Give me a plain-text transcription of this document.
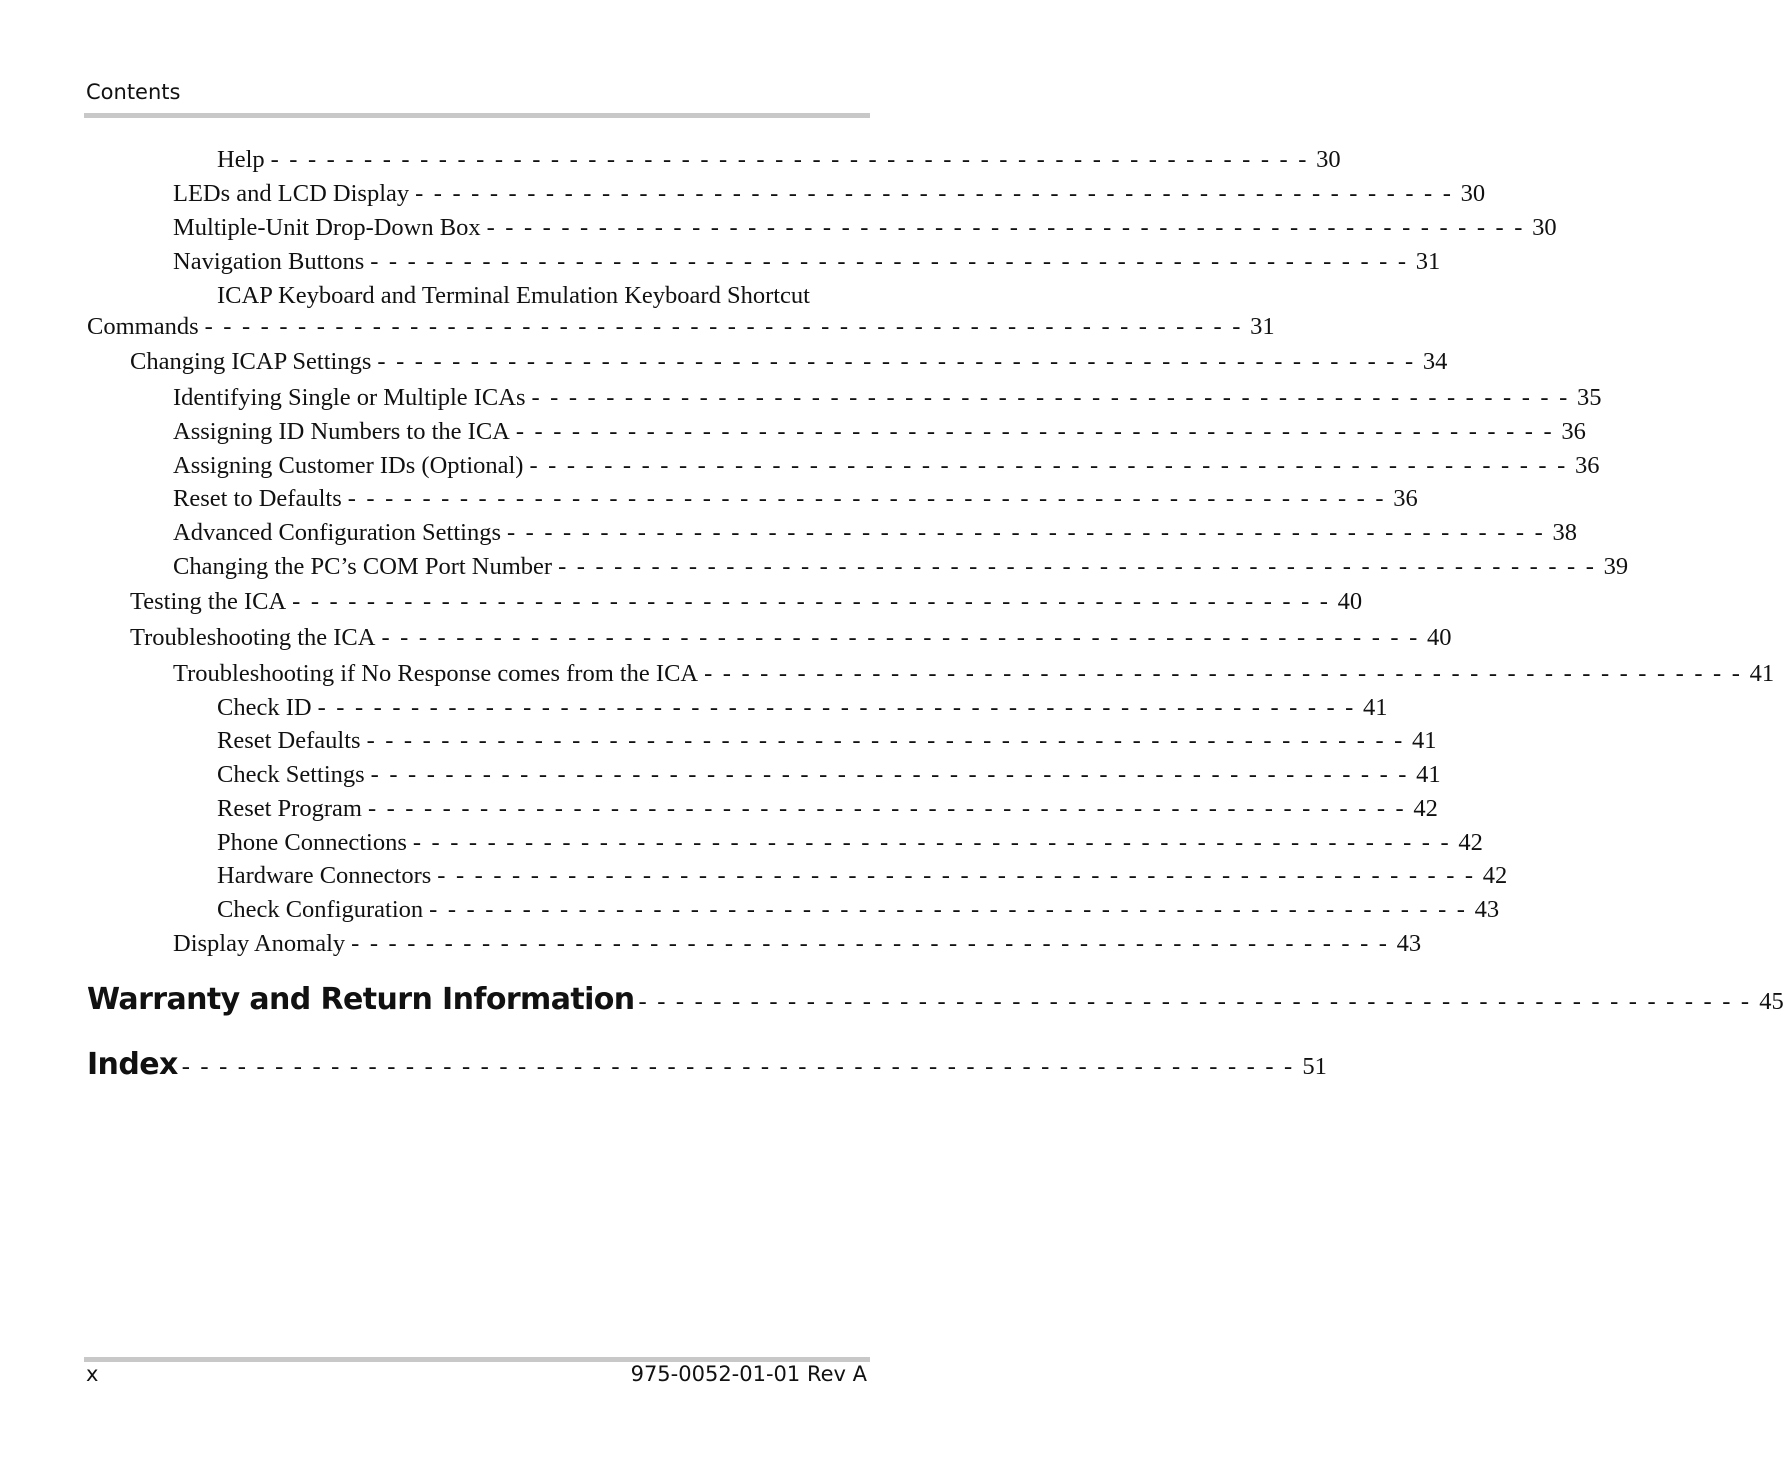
Contents
Help - - - - - - - - - - - - - - - - - - - - - - - - - - - - - - - - - - - - - - - - - - - - - - - - - - - - - - - - 30
LEDs and LCD Display - - - - - - - - - - - - - - - - - - - - - - - - - - - - - - - - - - - - - - - - - - - - - - - - - - - - - - - - 30
Multiple-Unit Drop-Down Box - - - - - - - - - - - - - - - - - - - - - - - - - - - - - - - - - - - - - - - - - - - - - - - - - - - - - - - - 30
Navigation Buttons - - - - - - - - - - - - - - - - - - - - - - - - - - - - - - - - - - - - - - - - - - - - - - - - - - - - - - - - 31
ICAP Keyboard and Terminal Emulation Keyboard Shortcut
Commands - - - - - - - - - - - - - - - - - - - - - - - - - - - - - - - - - - - - - - - - - - - - - - - - - - - - - - - - 31
Changing ICAP Settings - - - - - - - - - - - - - - - - - - - - - - - - - - - - - - - - - - - - - - - - - - - - - - - - - - - - - - - - 34
Identifying Single or Multiple ICAs - - - - - - - - - - - - - - - - - - - - - - - - - - - - - - - - - - - - - - - - - - - - - - - - - - - - - - - - 35
Assigning ID Numbers to the ICA - - - - - - - - - - - - - - - - - - - - - - - - - - - - - - - - - - - - - - - - - - - - - - - - - - - - - - - - 36
Assigning Customer IDs (Optional) - - - - - - - - - - - - - - - - - - - - - - - - - - - - - - - - - - - - - - - - - - - - - - - - - - - - - - - - 36
Reset to Defaults - - - - - - - - - - - - - - - - - - - - - - - - - - - - - - - - - - - - - - - - - - - - - - - - - - - - - - - - 36
Advanced Configuration Settings - - - - - - - - - - - - - - - - - - - - - - - - - - - - - - - - - - - - - - - - - - - - - - - - - - - - - - - - 38
Changing the PC’s COM Port Number - - - - - - - - - - - - - - - - - - - - - - - - - - - - - - - - - - - - - - - - - - - - - - - - - - - - - - - - 39
Testing the ICA - - - - - - - - - - - - - - - - - - - - - - - - - - - - - - - - - - - - - - - - - - - - - - - - - - - - - - - - 40
Troubleshooting the ICA - - - - - - - - - - - - - - - - - - - - - - - - - - - - - - - - - - - - - - - - - - - - - - - - - - - - - - - - 40
Troubleshooting if No Response comes from the ICA - - - - - - - - - - - - - - - - - - - - - - - - - - - - - - - - - - - - - - - - - - - - - - - - - - - - - - - - 41
Check ID - - - - - - - - - - - - - - - - - - - - - - - - - - - - - - - - - - - - - - - - - - - - - - - - - - - - - - - - 41
Reset Defaults - - - - - - - - - - - - - - - - - - - - - - - - - - - - - - - - - - - - - - - - - - - - - - - - - - - - - - - - 41
Check Settings - - - - - - - - - - - - - - - - - - - - - - - - - - - - - - - - - - - - - - - - - - - - - - - - - - - - - - - - 41
Reset Program - - - - - - - - - - - - - - - - - - - - - - - - - - - - - - - - - - - - - - - - - - - - - - - - - - - - - - - - 42
Phone Connections - - - - - - - - - - - - - - - - - - - - - - - - - - - - - - - - - - - - - - - - - - - - - - - - - - - - - - - - 42
Hardware Connectors - - - - - - - - - - - - - - - - - - - - - - - - - - - - - - - - - - - - - - - - - - - - - - - - - - - - - - - - 42
Check Configuration - - - - - - - - - - - - - - - - - - - - - - - - - - - - - - - - - - - - - - - - - - - - - - - - - - - - - - - - 43
Display Anomaly - - - - - - - - - - - - - - - - - - - - - - - - - - - - - - - - - - - - - - - - - - - - - - - - - - - - - - - - 43
Warranty and Return Information - - - - - - - - - - - - - - - - - - - - - - - - - - - - - - - - - - - - - - - - - - - - - - - - - - - - - - - - - - - - 45
Index - - - - - - - - - - - - - - - - - - - - - - - - - - - - - - - - - - - - - - - - - - - - - - - - - - - - - - - - - - - - 51
x	975-0052-01-01 Rev A
